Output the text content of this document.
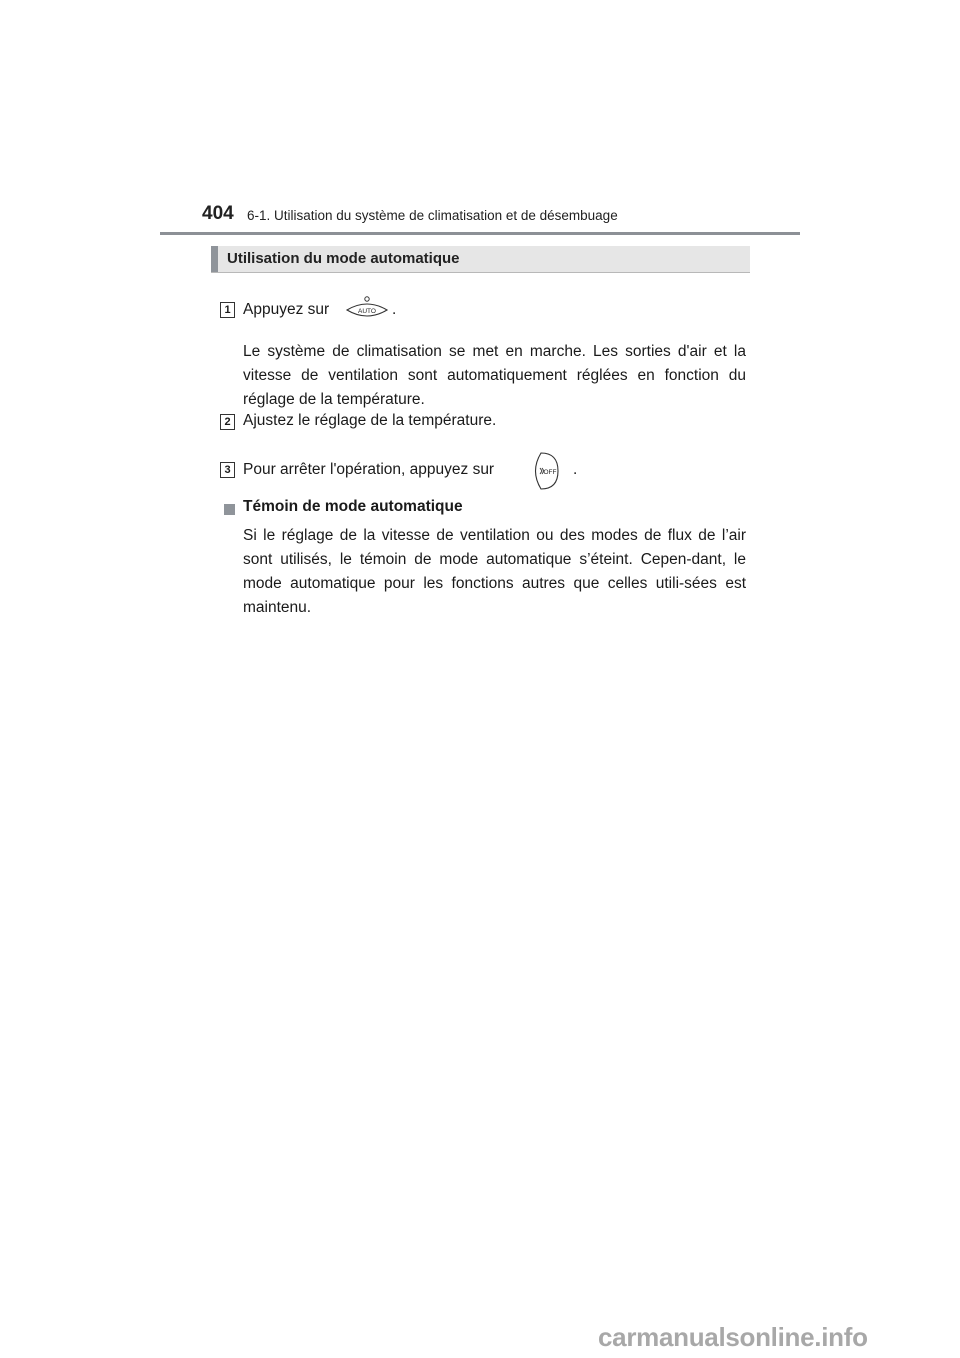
404 6-1. Utilisation du système de climatisation et de désembuage
Utilisation du mode automatique
1 Appuyez sur	AUTO .
Le système de climatisation se met en marche. Les sorties d'air et la vitesse de ventilation sont automatiquement réglées en fonction du réglage de la température.
2 Ajustez le réglage de la température.
3 Pour arrêter l'opération, appuyez sur	OFF .
Témoin de mode automatique
Si le réglage de la vitesse de ventilation ou des modes de flux de l’air sont utilisés, le témoin de mode automatique s’éteint. Cepen-dant, le mode automatique pour les fonctions autres que celles utili-sées est maintenu.
carmanualsonline.info
